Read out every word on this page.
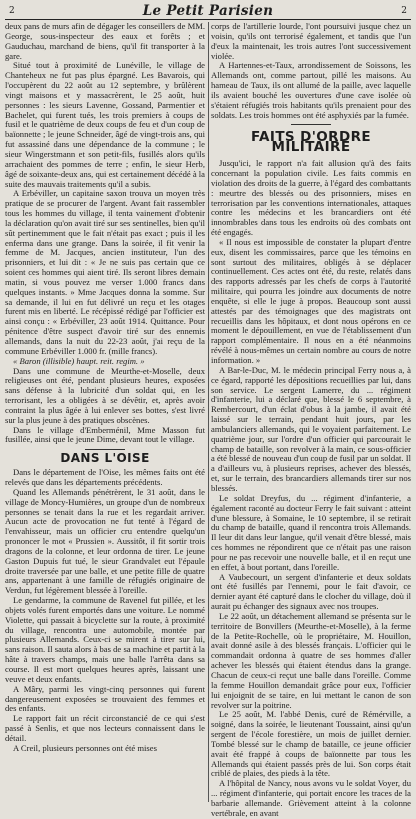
2	Le Petit Parisien	2

deux pans de murs afin de dégager les conseillers de MM. George, sous-inspecteur des eaux et forêts ; et Gauduchau, marchand de biens, qu'il fit transporter à la gare.

Situé tout à proximité de Lunéville, le village de Chanteheux ne fut pas plus épargné. Les Bavarois, qui l'occupèrent du 22 août au 12 septembre, y brûlèrent vingt maisons et y massacrèrent, le 25 août, huit personnes : les sieurs Lavenne, Gossand, Parmentier et Bachelet, qui furent tués, les trois premiers à coups de fusil et le quatrième de deux coups de feu et d'un coup de baïonnette ; le jeune Schneider, âgé de vingt-trois ans, qui fut assassiné dans une dépendance de la commune ; le sieur Wingerstmann et son petit-fils, fusillés alors qu'ils arrachaient des pommes de terre ; enfin, le sieur Herb, âgé de soixante-deux ans, qui est certainement décédé à la suite des mauvais traitements qu'il a subis.

A Erbéviller, un capitaine saxon trouva un moyen très pratique de se procurer de l'argent. Avant fait rassembler tous les hommes du village, il tenta vainement d'obtenir la déclaration qu'on avait tiré sur ses sentinelles, bien qu'il sût pertinemment que le fait n'était pas exact ; puis il les enferma dans une grange. Dans la soirée, il fit venir la femme de M. Jacques, ancien instituteur, l'un des prisonniers, et lui dit : « Je ne suis pas certain que ce soient ces hommes qui aient tiré. Ils seront libres demain matin, si vous pouvez me verser 1.000 francs dans quelques instants. » Mme Jacques donna la somme. Sur sa demande, il lui en fut délivré un reçu et les otages furent mis en liberté. Le récépissé rédigé par l'officier est ainsi conçu : « Erbéviller, 23 août 1914. Quittance. Pour pénitence d'être suspect d'avoir tiré sur des ennemis allemands, dans la nuit du 22-23 août, j'ai reçu de la commune Erbéviller 1.000 fr. (mille francs).

« Baron (illisible) haupt. reit. regim. »

Dans une commune de Meurthe-et-Moselle, deux religieuses ont été, pendant plusieurs heures, exposées sans défense à la lubricité d'un soldat qui, en les terrorisant, les a obligées à se dévêtir, et, après avoir contraint la plus âgée à lui enlever ses bottes, s'est livré sur la plus jeune à des pratiques obscènes.

Dans le village d'Emberménil, Mme Masson fut fusillée, ainsi que le jeune Dime, devant tout le village.

DANS L'OISE

Dans le département de l'Oise, les mêmes faits ont été relevés que dans les départements précédents.

Quand les Allemands pénétrèrent, le 31 août, dans le village de Moncy-Humières, un groupe d'un de nombreux personnes se tenait dans la rue et les regardait arriver. Aucun acte de provocation ne fut tenté à l'égard de l'envahisseur, mais un officier cru entendre quelqu'un prononcer le mot « Prussien ». Aussitôt, il fit sortir trois dragons de la colonne, et leur ordonna de tirer. Le jeune Gaston Dupuis fut tué, le sieur Grandvalet eut l'épaule droite traversée par une balle, et une petite fille de quatre ans, appartenant à une famille de réfugiés originaire de Verdun, fut légèrement blessée à l'oreille.

Le gendarme, la commune de Ravenel fut pillée, et les objets volés furent emportés dans une voiture. Le nommé Violette, qui passait à bicyclette sur la route, à proximité du village, rencontra une automobile, montée par plusieurs Allemands. Ceux-ci se mirent à tirer sur lui, sans raison. Il sauta alors à bas de sa machine et partit à la hâte à travers champs, mais une balle l'arrêta dans sa course. Il est mort quelques heures après, laissant une veuve et deux enfants.

A Mâry, parmi les vingt-cinq personnes qui furent dangereusement exposées se trouvaient des femmes et des enfants.

Le rapport fait un récit circonstancié de ce qui s'est passé à Senlis, et que nos lecteurs connaissent dans le détail.

A Creil, plusieurs personnes ont été mises

corps de l'artillerie lourde, l'ont poursuivi jusque chez un voisin, qu'ils ont terrorisé également, et tandis que l'un d'eux la maintenait, les trois autres l'ont successivement violée.

A Hartennes-et-Taux, arrondissement de Soissons, les Allemands ont, comme partout, pillé les maisons. Au hameau de Taux, ils ont allumé de la paille, avec laquelle ils avaient bouché les ouvertures d'une cave isolée où s'étaient réfugiés trois habitants qu'ils prenaient pour des soldats. Les trois hommes ont été asphyxiés par la fumée.

FAITS D'ORDRE MILITAIRE

Jusqu'ici, le rapport n'a fait allusion qu'à des faits concernant la population civile. Les faits commis en violation des droits de la guerre, à l'égard des combattants : meurtre des blessés ou des prisonniers, mises en terrorisation par les conventions internationales, attaques contre les médecins et les brancardiers ont été innombrables dans tous les endroits où des combats ont été engagés.

« Il nous est impossible de constater la plupart d'entre eux, disent les commissaires, parce que les témoins en sont surtout des militaires, obligés à se déplacer continuellement. Ces actes ont été, du reste, relatés dans des rapports adressés par les chefs de corps à l'autorité militaire, qui pourra les joindre aux documents de notre enquête, si elle le juge à propos. Beaucoup sont aussi attestés par des témoignages que des magistrats ont recueillis dans les hôpitaux, et dont nous opérons en ce moment le dépouillement, en vue de l'établissement d'un rapport complémentaire. Il nous en a été néanmoins révélé à nous-mêmes un certain nombre au cours de notre information. »

A Bar-le-Duc, M. le médecin principal Ferry nous a, à ce égard, rapporté les dépositions recueillies par lui, dans son service. Le sergent Lamerre, du ... régiment d'infanterie, lui a déclaré que, blessé le 6 septembre, à Rembercourt, d'un éclat d'obus à la jambe, il avait été laissé sur le terrain, pendant huit jours, par les ambulanciers allemands, qui le voyaient parfaitement. Le quatrième jour, sur l'ordre d'un officier qui parcourait le champ de bataille, son revolver à la main, ce sous-officier a été blessé de nouveau d'un coup de fusil par un soldat. Il a d'ailleurs vu, à plusieurs reprises, achever des blessés, et, sur le terrain, des brancardiers allemands tirer sur nos blessés.

Le soldat Dreyfus, du ... régiment d'infanterie, a également raconté au docteur Ferry le fait suivant : atteint d'une blessure, à Somaine, le 10 septembre, il se retirait du champ de bataille, quand il rencontra trois Allemands. Il leur dit dans leur langue, qu'il venait d'être blessé, mais ces hommes ne répondirent que ce n'était pas une raison pour ne pas recevoir une nouvelle balle, et il en reçut une en effet, à bout portant, dans l'oreille.

A Vaubecourt, un sergent d'infanterie et deux soldats ont été fusillés par l'ennemi, pour le fait d'avoir, ce dernier ayant été capturé dans le clocher du village, doù il aurait pu échanger des signaux avec nos troupes.

Le 22 août, un détachement allemand se présenta sur le territoire de Bonvillers (Meurthe-et-Moselle), à la ferme de la Petite-Rochelle, où le propriétaire, M. Houillon, avait donné asile à des blessés français. L'officier qui le commandait ordonna à quatre de ses hommes d'aller achever les blessés qui étaient étendus dans la grange. Chacun de ceux-ci reçut une balle dans l'oreille. Comme la femme Houillon demandait grâce pour eux, l'officier lui enjoignit de se taire, en lui mettant le canon de son revolver sur la poitrine.

Le 25 août, M. l'abbé Denis, curé de Rémérville, a soigné, dans la soirée, le lieutenant Toussaint, ainsi qu'un sergent de l'école forestière, un mois de juillet dernier. Tombé blessé sur le champ de bataille, ce jeune officier avait été frappé à coups de baïonnette par tous les Allemands qui étaient passés près de lui. Son corps était criblé de plaies, des pieds à la tête.

A l'hôpital de Nancy, nous avons vu le soldat Voyer, du ... régiment d'infanterie, qui portait encore les traces de la barbarie allemande. Grièvement atteint à la colonne vertébrale, en avant
